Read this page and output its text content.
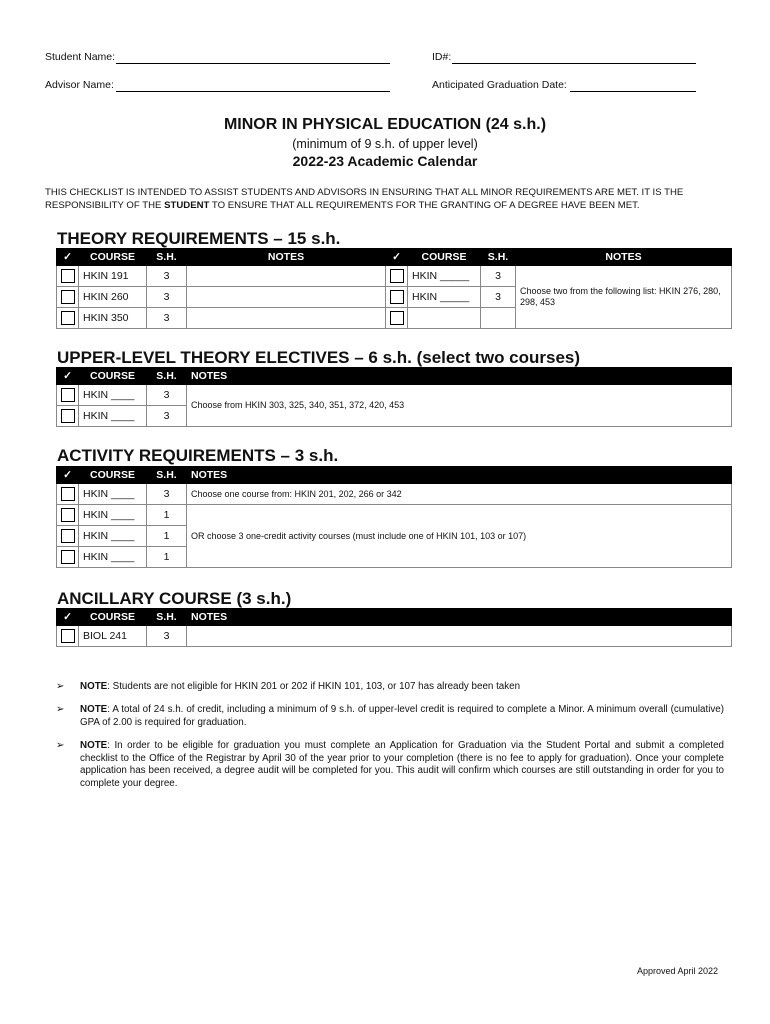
Student Name:	ID#:
Advisor Name:	Anticipated Graduation Date:
MINOR IN PHYSICAL EDUCATION (24 s.h.)
(minimum of 9 s.h. of upper level)
2022-23 Academic Calendar
THIS CHECKLIST IS INTENDED TO ASSIST STUDENTS AND ADVISORS IN ENSURING THAT ALL MINOR REQUIREMENTS ARE MET. IT IS THE RESPONSIBILITY OF THE STUDENT TO ENSURE THAT ALL REQUIREMENTS FOR THE GRANTING OF A DEGREE HAVE BEEN MET.
THEORY REQUIREMENTS – 15 s.h.
✓	COURSE	S.H.	NOTES	✓	COURSE	S.H.	NOTES
	HKIN 191	3			HKIN _____	3	Choose two from the following list: HKIN 276, 280, 298, 453
	HKIN 260	3			HKIN _____	3	
	HKIN 350	3					
UPPER-LEVEL THEORY ELECTIVES – 6 s.h. (select two courses)
✓	COURSE	S.H.	NOTES
	HKIN ____	3	Choose from HKIN 303, 325, 340, 351, 372, 420, 453
	HKIN ____	3	
ACTIVITY REQUIREMENTS – 3 s.h.
✓	COURSE	S.H.	NOTES
	HKIN ____	3	Choose one course from: HKIN 201, 202, 266 or 342
	HKIN ____	1	OR choose 3 one-credit activity courses (must include one of HKIN 101, 103 or 107)
	HKIN ____	1	
	HKIN ____	1	
ANCILLARY COURSE (3 s.h.)
✓	COURSE	S.H.	NOTES
	BIOL 241	3	
➢ NOTE: Students are not eligible for HKIN 201 or 202 if HKIN 101, 103, or 107 has already been taken
➢ NOTE: A total of 24 s.h. of credit, including a minimum of 9 s.h. of upper-level credit is required to complete a Minor. A minimum overall (cumulative) GPA of 2.00 is required for graduation.
➢ NOTE: In order to be eligible for graduation you must complete an Application for Graduation via the Student Portal and submit a completed checklist to the Office of the Registrar by April 30 of the year prior to your completion (there is no fee to apply for graduation). Once your complete application has been received, a degree audit will be completed for you. This audit will confirm which courses are still outstanding in order for you to complete your degree.
Approved April 2022
